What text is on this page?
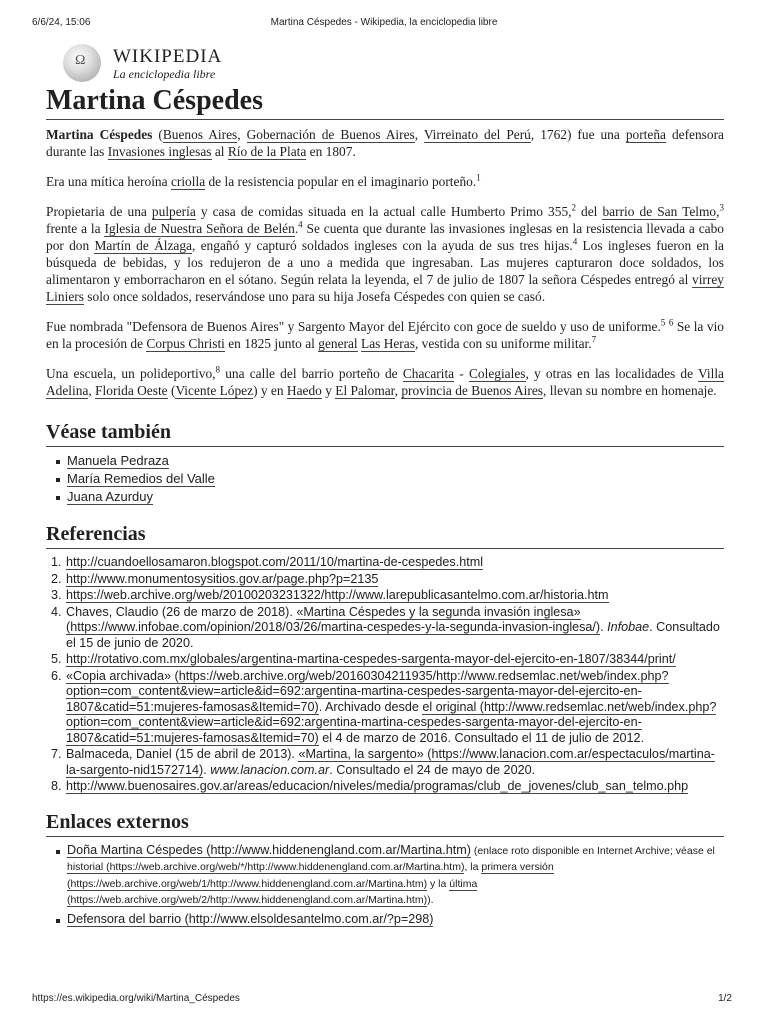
6/6/24, 15:06	Martina Céspedes - Wikipedia, la enciclopedia libre
Ω
WIKIPEDIA
La enciclopedia libre
Martina Céspedes

Martina Céspedes (Buenos Aires, Gobernación de Buenos Aires, Virreinato del Perú, 1762) fue una porteña defensora durante las Invasiones inglesas al Río de la Plata en 1807.

Era una mítica heroína criolla de la resistencia popular en el imaginario porteño.$^1$

Propietaria de una pulpería y casa de comidas situada en la actual calle Humberto Primo 355,$^2$ del barrio de San Telmo,$^3$ frente a la Iglesia de Nuestra Señora de Belén.$^4$ Se cuenta que durante las invasiones inglesas en la resistencia llevada a cabo por don Martín de Álzaga, engañó y capturó soldados ingleses con la ayuda de sus tres hijas.$^4$ Los ingleses fueron en la búsqueda de bebidas, y los redujeron de a uno a medida que ingresaban. Las mujeres capturaron doce soldados, los alimentaron y emborracharon en el sótano. Según relata la leyenda, el 7 de julio de 1807 la señora Céspedes entregó al virrey Liniers solo once soldados, reservándose uno para su hija Josefa Céspedes con quien se casó.

Fue nombrada "Defensora de Buenos Aires" y Sargento Mayor del Ejército con goce de sueldo y uso de uniforme.$^5$ $^6$ Se la vio en la procesión de Corpus Christi en 1825 junto al general Las Heras, vestida con su uniforme militar.$^7$

Una escuela, un polideportivo,$^8$ una calle del barrio porteño de Chacarita - Colegiales, y otras en las localidades de Villa Adelina, Florida Oeste (Vicente López) y en Haedo y El Palomar, provincia de Buenos Aires, llevan su nombre en homenaje.

Véase también
Manuela Pedraza
María Remedios del Valle
Juana Azurduy
Referencias
1. http://cuandoellosamaron.blogspot.com/2011/10/martina-de-cespedes.html
2. http://www.monumentosysitios.gov.ar/page.php?p=2135
3. https://web.archive.org/web/20100203231322/http://www.larepublicasantelmo.com.ar/historia.htm
4. Chaves, Claudio (26 de marzo de 2018). «Martina Céspedes y la segunda invasión inglesa» (https://www.infobae.com/opinion/2018/03/26/martina-cespedes-y-la-segunda-invasion-inglesa/). Infobae. Consultado el 15 de junio de 2020.
5. http://rotativo.com.mx/globales/argentina-martina-cespedes-sargenta-mayor-del-ejercito-en-1807/38344/print/
6. «Copia archivada» (https://web.archive.org/web/20160304211935/http://www.redsemlac.net/web/index.php?option=com_content&view=article&id=692:argentina-martina-cespedes-sargenta-mayor-del-ejercito-en-1807&catid=51:mujeres-famosas&Itemid=70). Archivado desde el original (http://www.redsemlac.net/web/index.php?option=com_content&view=article&id=692:argentina-martina-cespedes-sargenta-mayor-del-ejercito-en-1807&catid=51:mujeres-famosas&Itemid=70) el 4 de marzo de 2016. Consultado el 11 de julio de 2012.
7. Balmaceda, Daniel (15 de abril de 2013). «Martina, la sargento» (https://www.lanacion.com.ar/espectaculos/martina-la-sargento-nid1572714). www.lanacion.com.ar. Consultado el 24 de mayo de 2020.
8. http://www.buenosaires.gov.ar/areas/educacion/niveles/media/programas/club_de_jovenes/club_san_telmo.php
Enlaces externos
Doña Martina Céspedes (http://www.hiddenengland.com.ar/Martina.htm) (enlace roto disponible en Internet Archive; véase el historial (https://web.archive.org/web/*/http://www.hiddenengland.com.ar/Martina.htm), la primera versión (https://web.archive.org/web/1/http://www.hiddenengland.com.ar/Martina.htm) y la última (https://web.archive.org/web/2/http://www.hiddenengland.com.ar/Martina.htm)).
Defensora del barrio (http://www.elsoldesantelmo.com.ar/?p=298)
https://es.wikipedia.org/wiki/Martina_Céspedes	1/2
